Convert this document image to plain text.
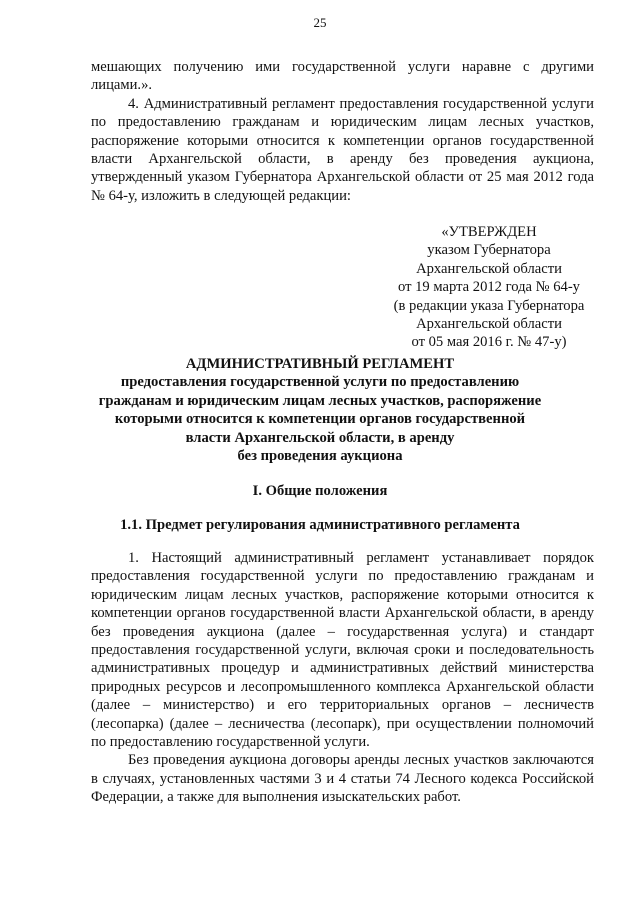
25

мешающих получению ими государственной услуги наравне с другими лицами.».

4. Административный регламент предоставления государственной услуги по предоставлению гражданам и юридическим лицам лесных участков, распоряжение которыми относится к компетенции органов государственной власти Архангельской области, в аренду без проведения аукциона, утвержденный указом Губернатора Архангельской области от 25 мая 2012 года № 64-у, изложить в следующей редакции:

«УТВЕРЖДЕН
указом Губернатора
Архангельской области
от 19 марта 2012 года № 64-у
(в редакции указа Губернатора
Архангельской области
от 05 мая 2016 г. № 47-у)
АДМИНИСТРАТИВНЫЙ РЕГЛАМЕНТ
предоставления государственной услуги по предоставлению
гражданам и юридическим лицам лесных участков, распоряжение
которыми относится к компетенции органов государственной
власти Архангельской области, в аренду
без проведения аукциона
I. Общие положения
1.1. Предмет регулирования административного регламента

1. Настоящий административный регламент устанавливает порядок предоставления государственной услуги по предоставлению гражданам и юридическим лицам лесных участков, распоряжение которыми относится к компетенции органов государственной власти Архангельской области, в аренду без проведения аукциона (далее – государственная услуга) и стандарт предоставления государственной услуги, включая сроки и последовательность административных процедур и административных действий министерства природных ресурсов и лесопромышленного комплекса Архангельской области (далее – министерство) и его территориальных органов – лесничеств (лесопарка) (далее – лесничества (лесопарк), при осуществлении полномочий по предоставлению государственной услуги.

Без проведения аукциона договоры аренды лесных участков заключаются в случаях, установленных частями 3 и 4 статьи 74 Лесного кодекса Российской Федерации, а также для выполнения изыскательских работ.
